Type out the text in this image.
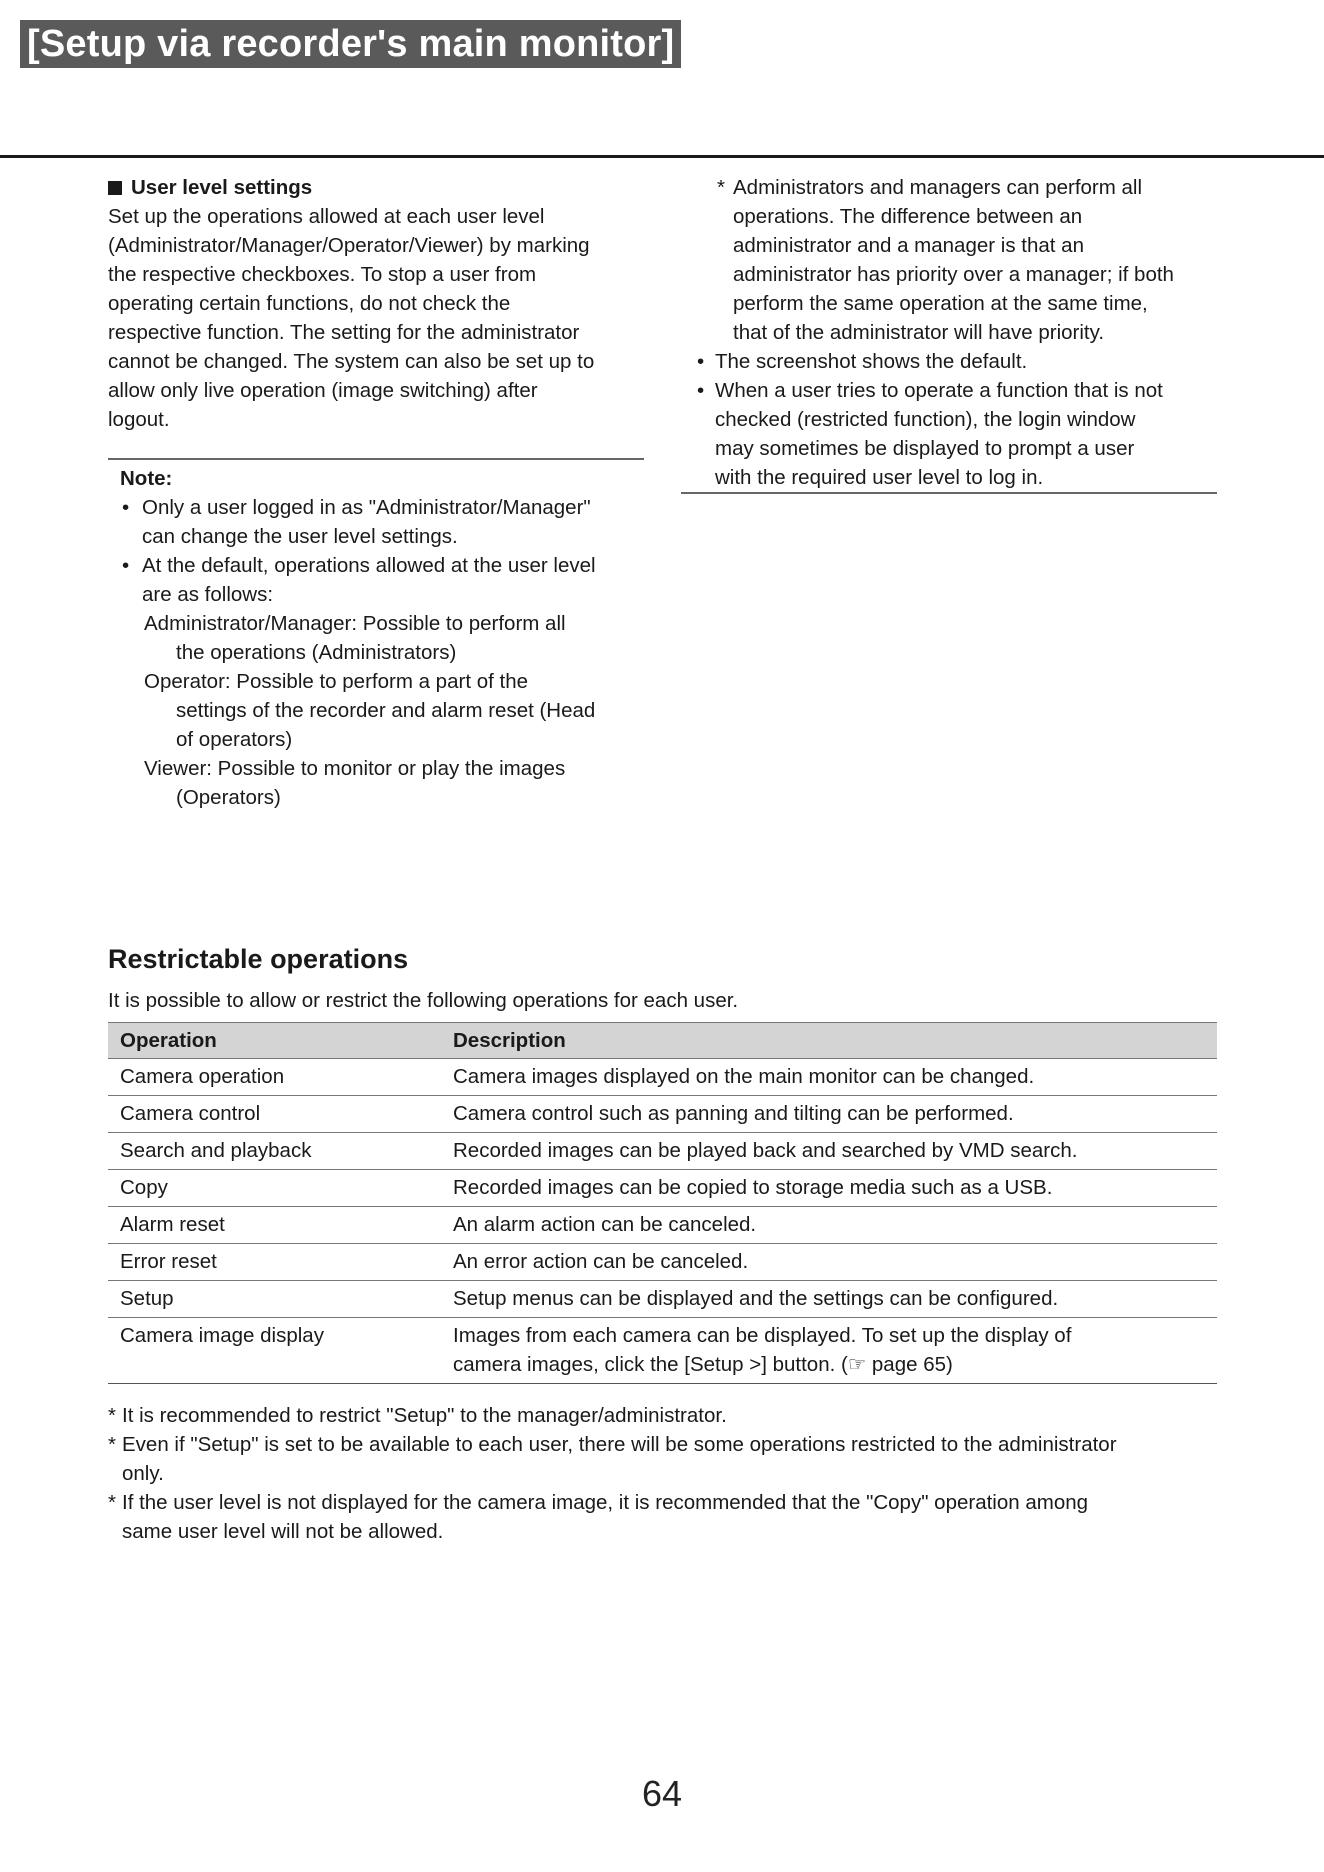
[Setup via recorder's main monitor]
User level settings
Set up the operations allowed at each user level
(Administrator/Manager/Operator/Viewer) by marking
the respective checkboxes. To stop a user from
operating certain functions, do not check the
respective function. The setting for the administrator
cannot be changed. The system can also be set up to
allow only live operation (image switching) after
logout.
Note:
• Only a user logged in as "Administrator/Manager"
can change the user level settings.
• At the default, operations allowed at the user level
are as follows:
Administrator/Manager: Possible to perform all
the operations (Administrators)
Operator: Possible to perform a part of the
settings of the recorder and alarm reset (Head
of operators)
Viewer: Possible to monitor or play the images
(Operators)
* Administrators and managers can perform all
operations. The difference between an
administrator and a manager is that an
administrator has priority over a manager; if both
perform the same operation at the same time,
that of the administrator will have priority.
• The screenshot shows the default.
• When a user tries to operate a function that is not
checked (restricted function), the login window
may sometimes be displayed to prompt a user
with the required user level to log in.
Restrictable operations
It is possible to allow or restrict the following operations for each user.
Operation	Description
Camera operation	Camera images displayed on the main monitor can be changed.

Camera control	Camera control such as panning and tilting can be performed.

Search and playback	Recorded images can be played back and searched by VMD search.

Copy	Recorded images can be copied to storage media such as a USB.

Alarm reset	An alarm action can be canceled.

Error reset	An error action can be canceled.

Setup	Setup menus can be displayed and the settings can be configured.

Camera image display	Images from each camera can be displayed. To set up the display of
camera images, click the [Setup >] button. (☞ page 65)
* It is recommended to restrict "Setup" to the manager/administrator.
* Even if "Setup" is set to be available to each user, there will be some operations restricted to the administrator
only.
* If the user level is not displayed for the camera image, it is recommended that the "Copy" operation among
same user level will not be allowed.
64
